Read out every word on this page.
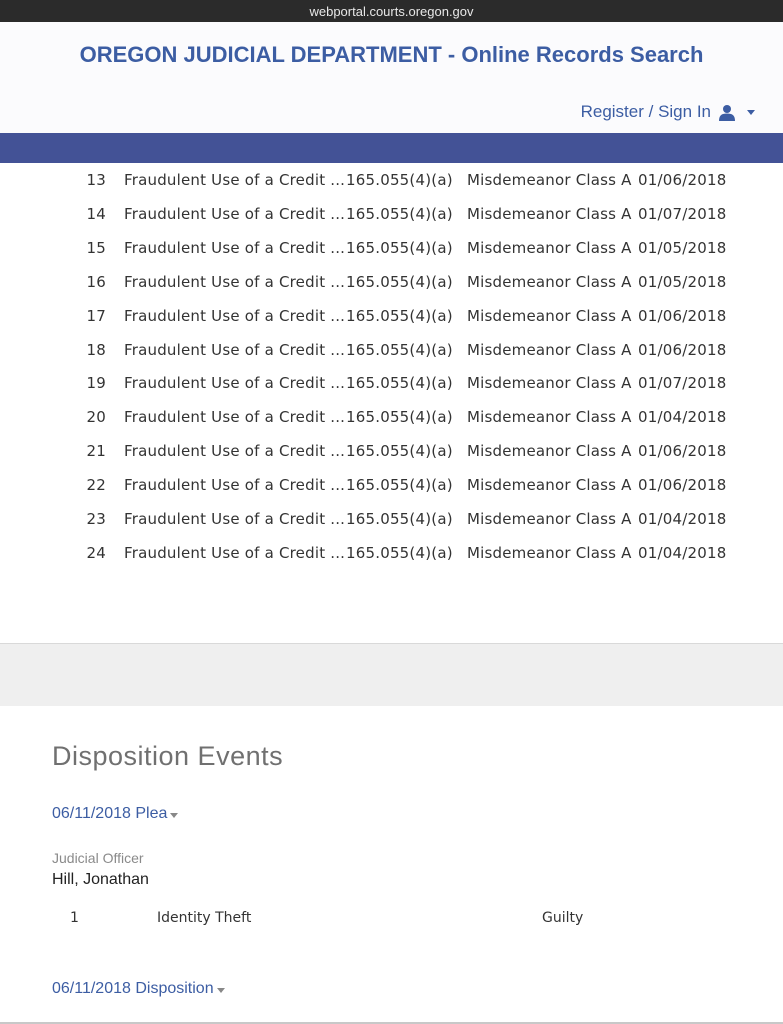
webportal.courts.oregon.gov
OREGON JUDICIAL DEPARTMENT - Online Records Search
Register / Sign In
13 Fraudulent Use of a Credit ... 165.055(4)(a) Misdemeanor Class A 01/06/2018
14 Fraudulent Use of a Credit ... 165.055(4)(a) Misdemeanor Class A 01/07/2018
15 Fraudulent Use of a Credit ... 165.055(4)(a) Misdemeanor Class A 01/05/2018
16 Fraudulent Use of a Credit ... 165.055(4)(a) Misdemeanor Class A 01/05/2018
17 Fraudulent Use of a Credit ... 165.055(4)(a) Misdemeanor Class A 01/06/2018
18 Fraudulent Use of a Credit ... 165.055(4)(a) Misdemeanor Class A 01/06/2018
19 Fraudulent Use of a Credit ... 165.055(4)(a) Misdemeanor Class A 01/07/2018
20 Fraudulent Use of a Credit ... 165.055(4)(a) Misdemeanor Class A 01/04/2018
21 Fraudulent Use of a Credit ... 165.055(4)(a) Misdemeanor Class A 01/06/2018
22 Fraudulent Use of a Credit ... 165.055(4)(a) Misdemeanor Class A 01/06/2018
23 Fraudulent Use of a Credit ... 165.055(4)(a) Misdemeanor Class A 01/04/2018
24 Fraudulent Use of a Credit ... 165.055(4)(a) Misdemeanor Class A 01/04/2018
Disposition Events
06/11/2018 Plea
Judicial Officer
Hill, Jonathan
1	Identity Theft	Guilty
06/11/2018 Disposition
